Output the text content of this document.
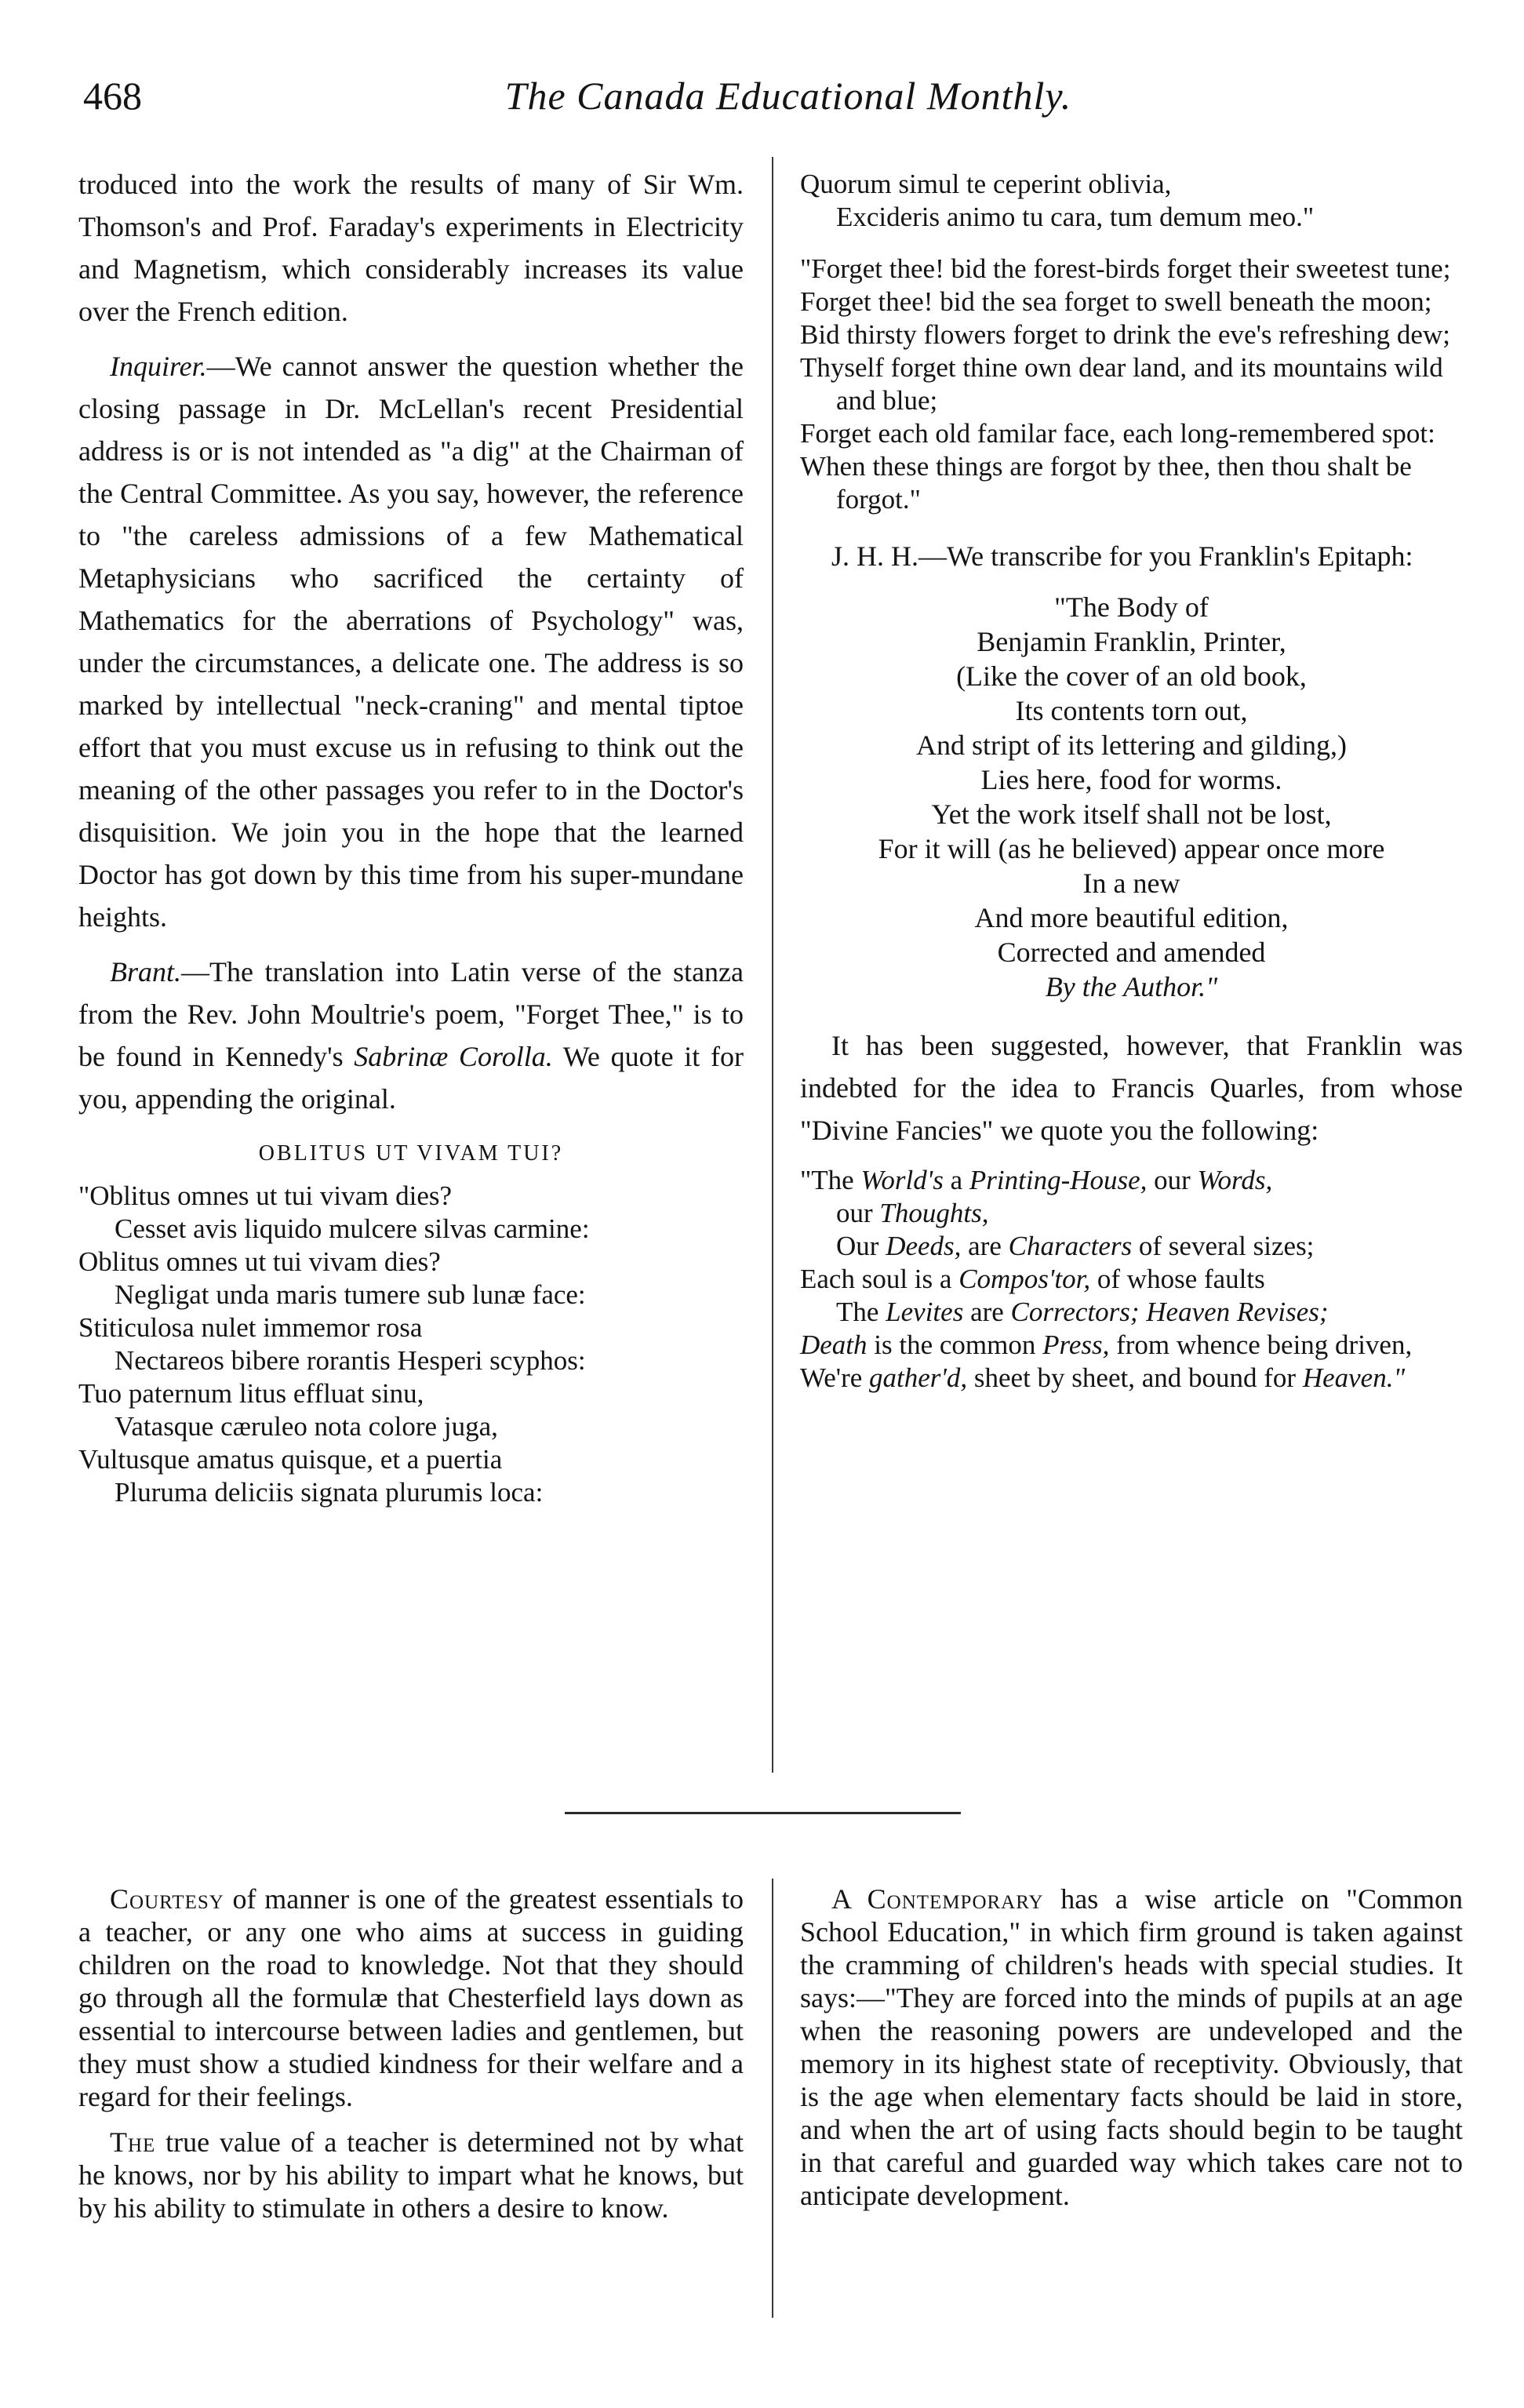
468	The Canada Educational Monthly.

troduced into the work the results of many of Sir Wm. Thomson's and Prof. Faraday's experiments in Electricity and Magnetism, which considerably increases its value over the French edition.

Inquirer.—We cannot answer the question whether the closing passage in Dr. McLellan's recent Presidential address is or is not intended as "a dig" at the Chairman of the Central Committee. As you say, however, the reference to "the careless admissions of a few Mathematical Metaphysicians who sacrificed the certainty of Mathematics for the aberrations of Psychology" was, under the circumstances, a delicate one. The address is so marked by intellectual "neck-craning" and mental tiptoe effort that you must excuse us in refusing to think out the meaning of the other passages you refer to in the Doctor's disquisition. We join you in the hope that the learned Doctor has got down by this time from his super-mundane heights.

Brant.—The translation into Latin verse of the stanza from the Rev. John Moultrie's poem, "Forget Thee," is to be found in Kennedy's Sabrinæ Corolla. We quote it for you, appending the original.

OBLITUS UT VIVAM TUI?
"Oblitus omnes ut tui vivam dies?
Cesset avis liquido mulcere silvas carmine:
Oblitus omnes ut tui vivam dies?
Negligat unda maris tumere sub lunæ face:
Stiticulosa nulet immemor rosa
Nectareos bibere rorantis Hesperi scyphos:
Tuo paternum litus effluat sinu,
Vatasque cæruleo nota colore juga,
Vultusque amatus quisque, et a puertia
Pluruma deliciis signata plurumis loca:
Quorum simul te ceperint oblivia,
Excideris animo tu cara, tum demum meo."
"Forget thee! bid the forest-birds forget their sweetest tune;
Forget thee! bid the sea forget to swell beneath the moon;
Bid thirsty flowers forget to drink the eve's refreshing dew;
Thyself forget thine own dear land, and its mountains wild and blue;
Forget each old familar face, each long-remembered spot:
When these things are forgot by thee, then thou shalt be forgot."

J. H. H.—We transcribe for you Franklin's Epitaph:

"The Body of
Benjamin Franklin, Printer,
(Like the cover of an old book,
Its contents torn out,
And stript of its lettering and gilding,)
Lies here, food for worms.
Yet the work itself shall not be lost,
For it will (as he believed) appear once more
In a new
And more beautiful edition,
Corrected and amended
By the Author."

It has been suggested, however, that Franklin was indebted for the idea to Francis Quarles, from whose "Divine Fancies" we quote you the following:

"The World's a Printing-House, our Words,
our Thoughts,
Our Deeds, are Characters of several sizes;
Each soul is a Compos'tor, of whose faults
The Levites are Correctors; Heaven Revises;
Death is the common Press, from whence being driven,
We're gather'd, sheet by sheet, and bound for Heaven."

Courtesy of manner is one of the greatest essentials to a teacher, or any one who aims at success in guiding children on the road to knowledge. Not that they should go through all the formulæ that Chesterfield lays down as essential to intercourse between ladies and gentlemen, but they must show a studied kindness for their welfare and a regard for their feelings.

The true value of a teacher is determined not by what he knows, nor by his ability to impart what he knows, but by his ability to stimulate in others a desire to know.

A Contemporary has a wise article on "Common School Education," in which firm ground is taken against the cramming of children's heads with special studies. It says:—"They are forced into the minds of pupils at an age when the reasoning powers are undeveloped and the memory in its highest state of receptivity. Obviously, that is the age when elementary facts should be laid in store, and when the art of using facts should begin to be taught in that careful and guarded way which takes care not to anticipate development.
